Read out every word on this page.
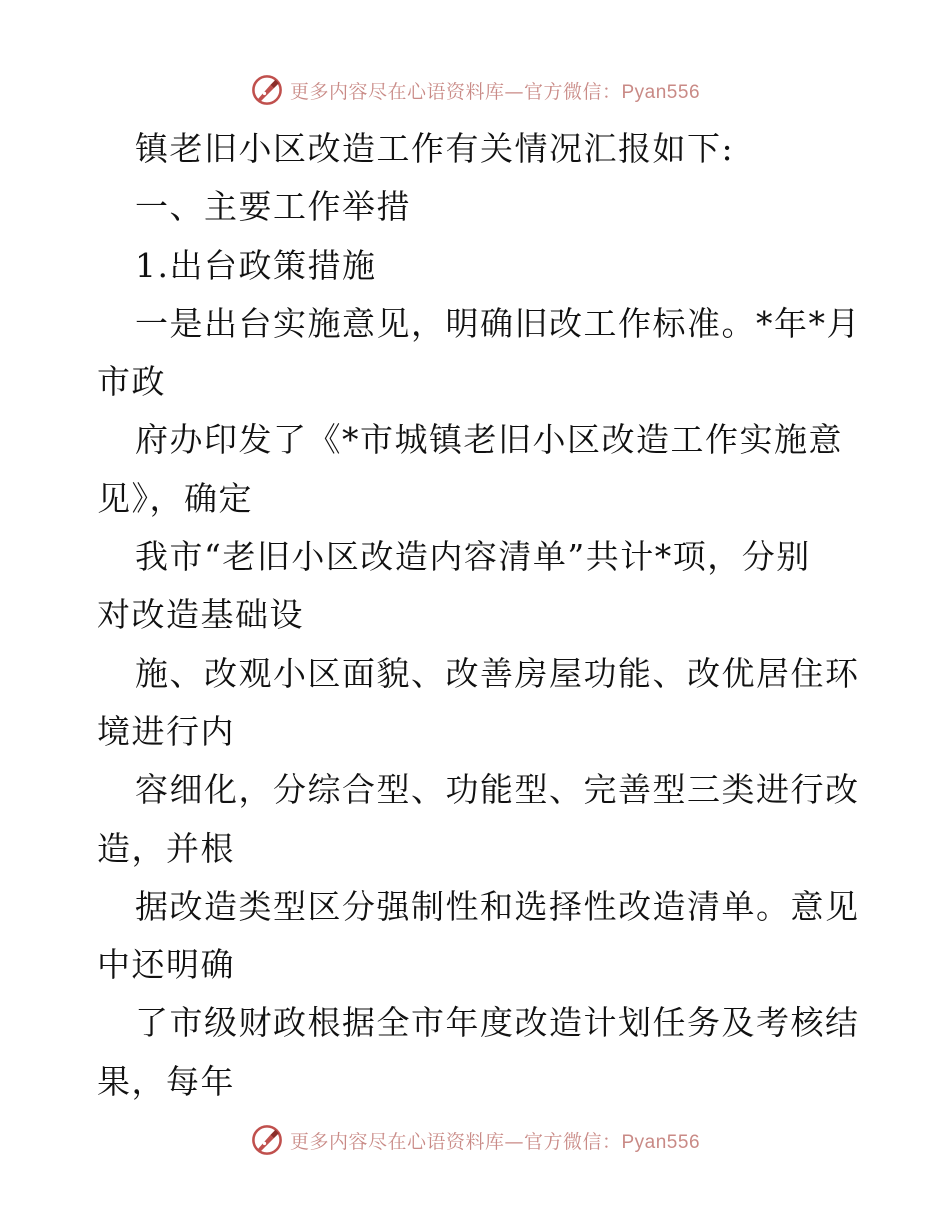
更多内容尽在心语资料库—官方微信：Pyan556
镇老旧小区改造工作有关情况汇报如下:
一、主要工作举措
1.出台政策措施
一是出台实施意见，明确旧改工作标准。*年*月
市政
府办印发了《*市城镇老旧小区改造工作实施意
见》，确定
我市“老旧小区改造内容清单”共计*项，分别
对改造基础设
施、改观小区面貌、改善房屋功能、改优居住环
境进行内
容细化，分综合型、功能型、完善型三类进行改
造，并根
据改造类型区分强制性和选择性改造清单。意见
中还明确
了市级财政根据全市年度改造计划任务及考核结
果，每年
更多内容尽在心语资料库—官方微信：Pyan556
